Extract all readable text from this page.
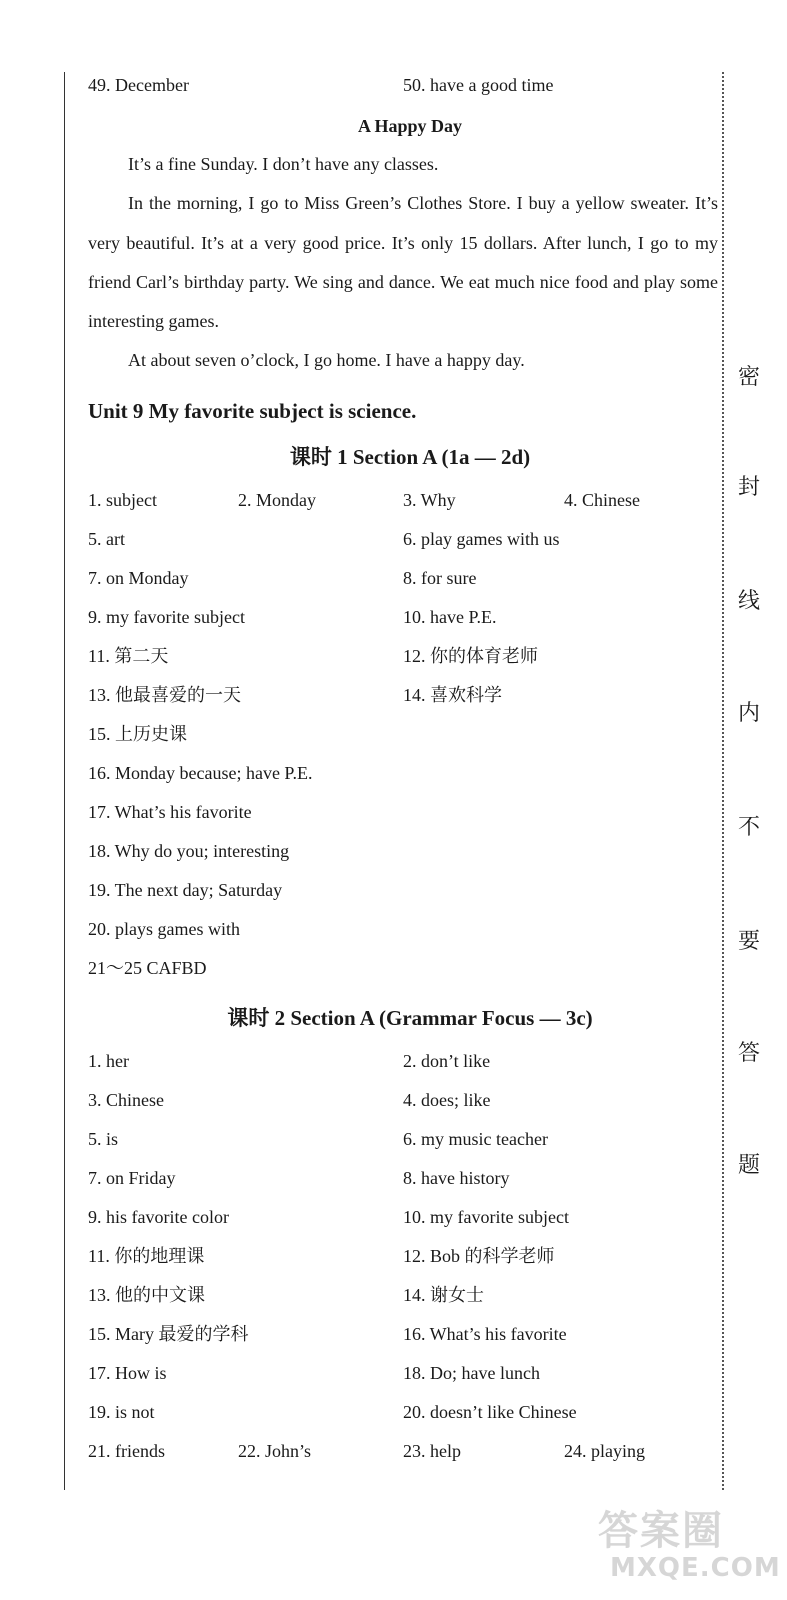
密
封
线
内
不
要
答
题
49. December	50. have a good time
A Happy Day

It’s a fine Sunday. I don’t have any classes.

In the morning, I go to Miss Green’s Clothes Store. I buy a yellow sweater. It’s very beautiful. It’s at a very good price. It’s only 15 dollars. After lunch, I go to my friend Carl’s birthday party. We sing and dance. We eat much nice food and play some interesting games.

At about seven o’clock, I go home. I have a happy day.

Unit 9 My favorite subject is science.
课时 1 Section A (1a — 2d)
1. subject	2. Monday	3. Why	4. Chinese
5. art	6. play games with us
7. on Monday	8. for sure
9. my favorite subject	10. have P.E.
11. 第二天	12. 你的体育老师
13. 他最喜爱的一天	14. 喜欢科学
15. 上历史课
16. Monday because; have P.E.
17. What’s his favorite
18. Why do you; interesting
19. The next day; Saturday
20. plays games with
21～25 CAFBD
课时 2 Section A (Grammar Focus — 3c)
1. her	2. don’t like
3. Chinese	4. does; like
5. is	6. my music teacher
7. on Friday	8. have history
9. his favorite color	10. my favorite subject
11. 你的地理课	12. Bob 的科学老师
13. 他的中文课	14. 谢女士
15. Mary 最爱的学科	16. What’s his favorite
17. How is	18. Do; have lunch
19. is not	20. doesn’t like Chinese
21. friends	22. John’s	23. help	24. playing
答案圈
MXQE.COM
